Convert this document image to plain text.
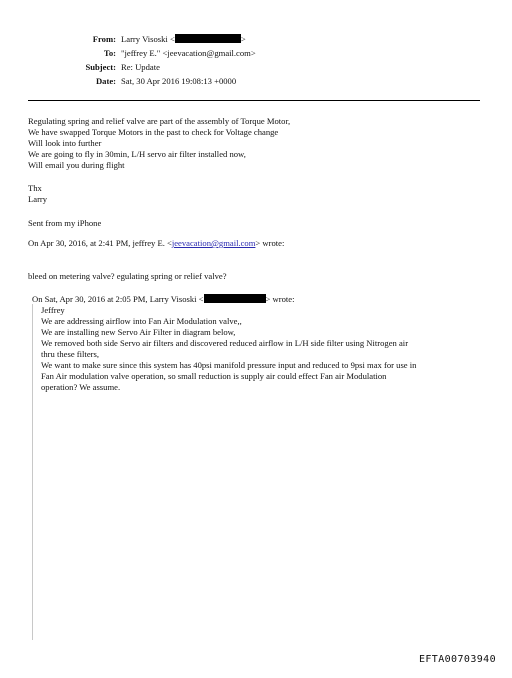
From: Larry Visoski <	>
To: "jeffrey E." <jeevacation@gmail.com>
Subject: Re: Update
Date: Sat, 30 Apr 2016 19:08:13 +0000
Regulating spring and relief valve are part of the assembly of Torque Motor,
We have swapped Torque Motors in the past to check for Voltage change
Will look into further
We are going to fly in 30min, L/H servo air filter installed now,
Will email you during flight
Thx
Larry
Sent from my iPhone
On Apr 30, 2016, at 2:41 PM, jeffrey E. <jeevacation@gmail.com> wrote:
bleed on metering valve? egulating spring or relief valve?
On Sat, Apr 30, 2016 at 2:05 PM, Larry Visoski <	> wrote:
Jeffrey
We are addressing airflow into Fan Air Modulation valve,,
We are installing new Servo Air Filter in diagram below,
We removed both side Servo air filters and discovered reduced airflow in L/H side filter using Nitrogen air
thru these filters,
We want to make sure since this system has 40psi manifold pressure input and reduced to 9psi max for use in
Fan Air modulation valve operation, so small reduction is supply air could effect Fan air Modulation
operation? We assume.
EFTA00703940
